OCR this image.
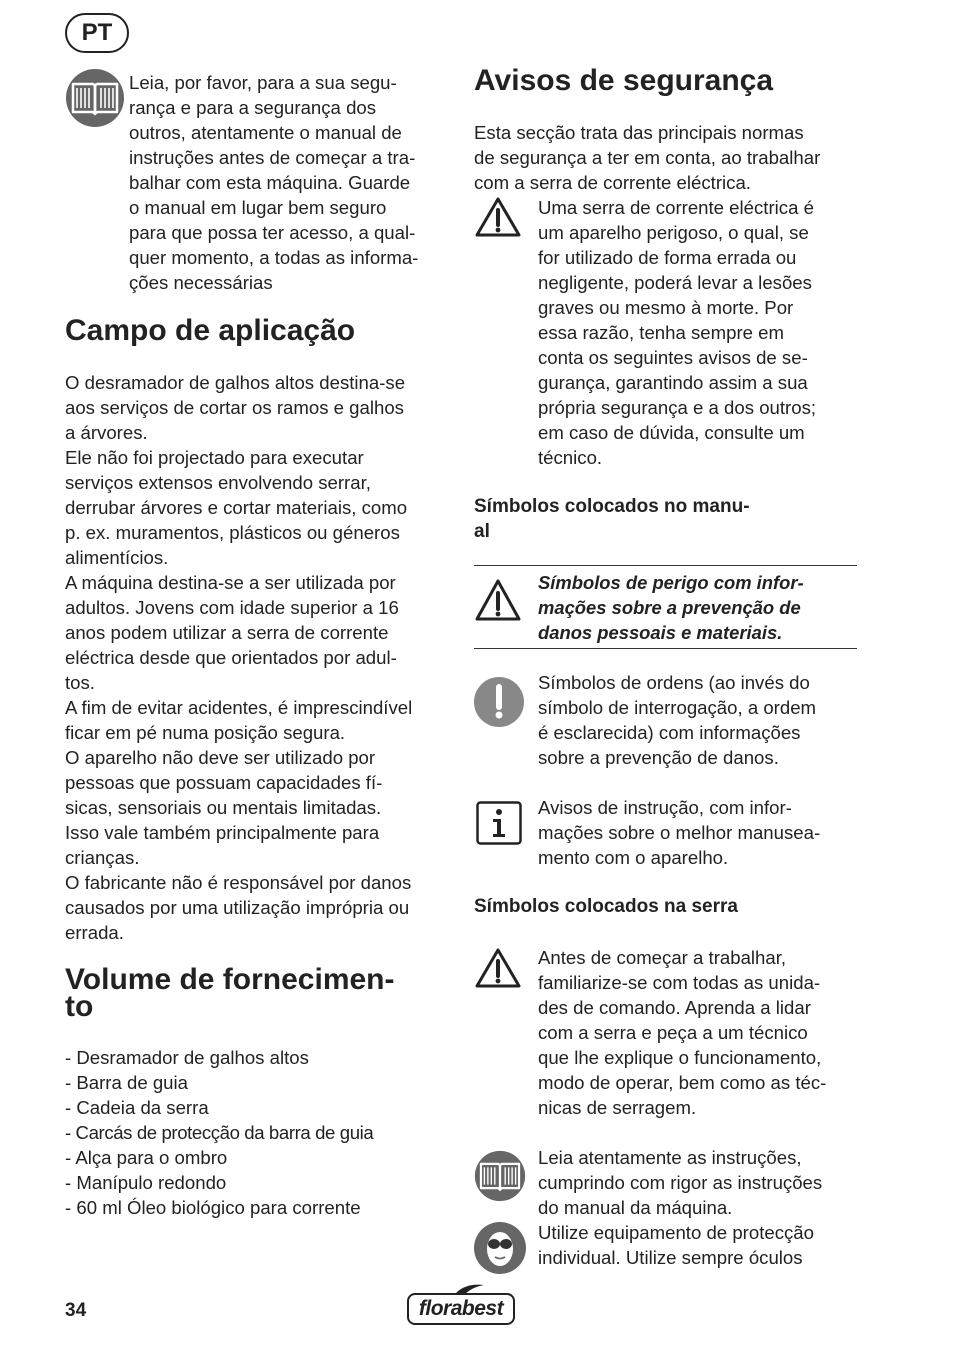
PT

Leia, por favor, para a sua segu-
rança e para a segurança dos
outros, atentamente o manual de
instruções antes de começar a tra-
balhar com esta máquina. Guarde
o manual em lugar bem seguro
para que possa ter acesso, a qual-
quer momento, a todas as informa-
ções necessárias

Campo de aplicação

O desramador de galhos altos destina-se
aos serviços de cortar os ramos e galhos
a árvores.
Ele não foi projectado para executar
serviços extensos envolvendo serrar,
derrubar árvores e cortar materiais, como
p. ex. muramentos, plásticos ou géneros
alimentícios.
A máquina destina-se a ser utilizada por
adultos. Jovens com idade superior a 16
anos podem utilizar a serra de corrente
eléctrica desde que orientados por adul-
tos.
A fim de evitar acidentes, é imprescindível
ficar em pé numa posição segura.
O aparelho não deve ser utilizado por
pessoas que possuam capacidades fí-
sicas, sensoriais ou mentais limitadas.
Isso vale também principalmente para
crianças.
O fabricante não é responsável por danos
causados por uma utilização imprópria ou
errada.

Volume de fornecimen-
to

- Desramador de galhos altos

- Barra de guia

- Cadeia da serra

- Carcás de protecção da barra de guia

- Alça para o ombro

- Manípulo redondo

- 60 ml Óleo biológico para corrente

Avisos de segurança

Esta secção trata das principais normas
de segurança a ter em conta, ao trabalhar
com a serra de corrente eléctrica.

Uma serra de corrente eléctrica é
um aparelho perigoso, o qual, se
for utilizado de forma errada ou
negligente, poderá levar a lesões
graves ou mesmo à morte. Por
essa razão, tenha sempre em
conta os seguintes avisos de se-
gurança, garantindo assim a sua
própria segurança e a dos outros;
em caso de dúvida, consulte um
técnico.

Símbolos colocados no manu-
al

Símbolos de perigo com infor-
mações sobre a prevenção de
danos pessoais e materiais.

Símbolos de ordens (ao invés do
símbolo de interrogação, a ordem
é esclarecida) com informações
sobre a prevenção de danos.

Avisos de instrução, com infor-
mações sobre o melhor manusea-
mento com o aparelho.

Símbolos colocados na serra

Antes de começar a trabalhar,
familiarize-se com todas as unida-
des de comando. Aprenda a lidar
com a serra e peça a um técnico
que lhe explique o funcionamento,
modo de operar, bem como as téc-
nicas de serragem.

Leia atentamente as instruções,
cumprindo com rigor as instruções
do manual da máquina.

Utilize equipamento de protecção
individual. Utilize sempre óculos

34	florabest
